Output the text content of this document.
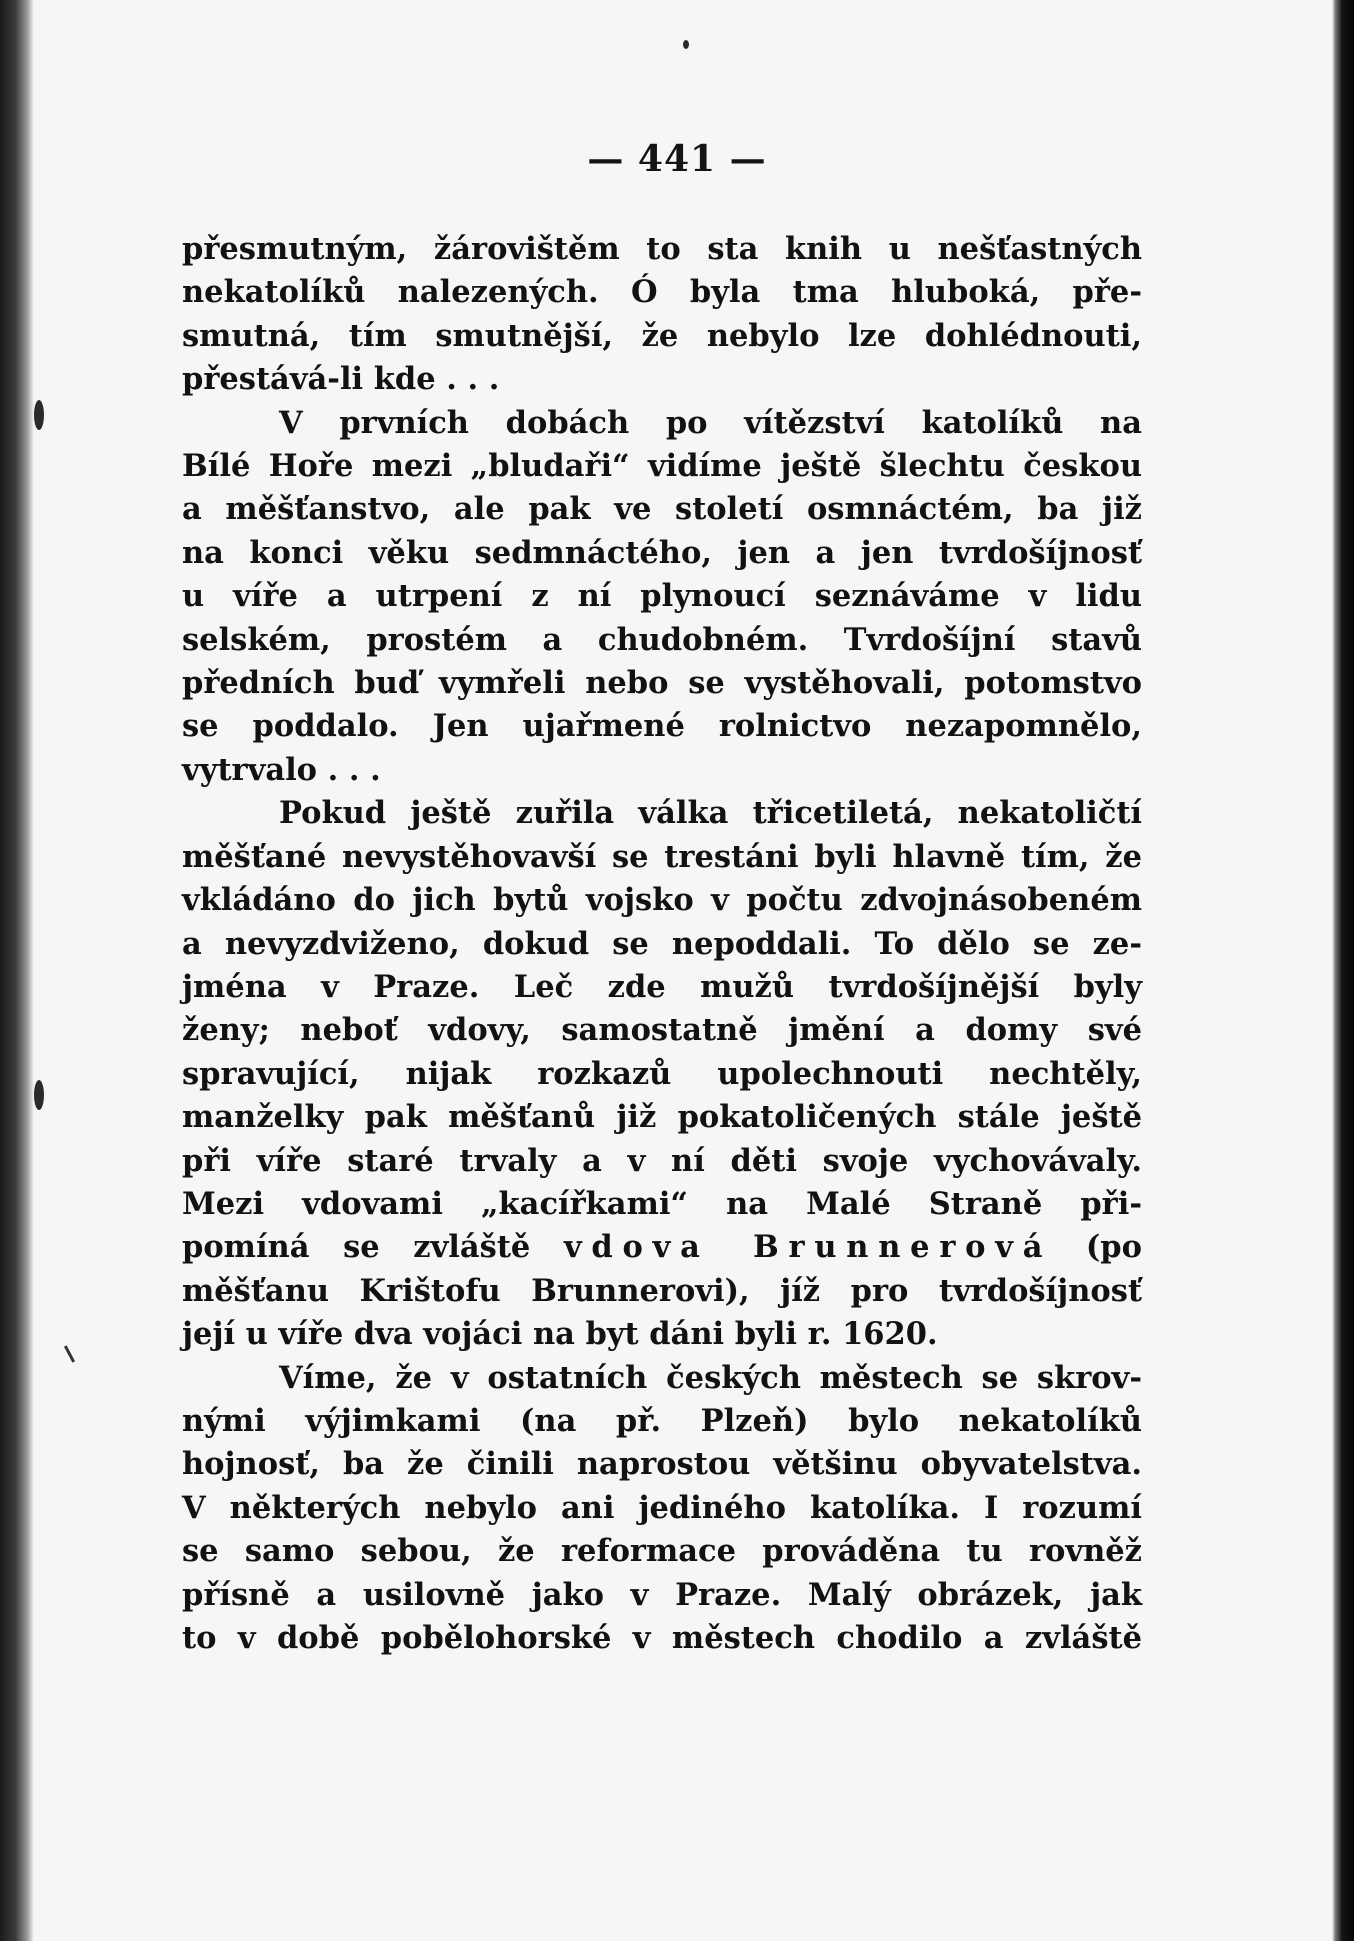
— 441 —

přesmutným, žárovištěm to sta knih u nešťastných
nekatolíků nalezených. Ó byla tma hluboká, pře-
smutná, tím smutnější, že nebylo lze dohlédnouti,
přestává-li kde . . .

V prvních dobách po vítězství katolíků na
Bílé Hoře mezi „bludaři“ vidíme ještě šlechtu českou
a měšťanstvo, ale pak ve století osmnáctém, ba již
na konci věku sedmnáctého, jen a jen tvrdošíjnosť
u víře a utrpení z ní plynoucí seznáváme v lidu
selském, prostém a chudobném. Tvrdošíjní stavů
předních buď vymřeli nebo se vystěhovali, potomstvo
se poddalo. Jen ujařmené rolnictvo nezapomnělo,
vytrvalo . . .

Pokud ještě zuřila válka třicetiletá, nekatoličtí
měšťané nevystěhovavší se trestáni byli hlavně tím, že
vkládáno do jich bytů vojsko v počtu zdvojnásobeném
a nevyzdviženo, dokud se nepoddali. To dělo se ze-
jména v Praze. Leč zde mužů tvrdošíjnější byly
ženy; neboť vdovy, samostatně jmění a domy své
spravující, nijak rozkazů upolechnouti nechtěly,
manželky pak měšťanů již pokatoličených stále ještě
při víře staré trvaly a v ní děti svoje vychovávaly.
Mezi vdovami „kacířkami“ na Malé Straně při-
pomíná se zvláště vdova Brunnerová (po
měšťanu Krištofu Brunnerovi), jíž pro tvrdošíjnosť
její u víře dva vojáci na byt dáni byli r. 1620.

Víme, že v ostatních českých městech se skrov-
nými výjimkami (na př. Plzeň) bylo nekatolíků
hojnosť, ba že činili naprostou většinu obyvatelstva.
V některých nebylo ani jediného katolíka. I rozumí
se samo sebou, že reformace prováděna tu rovněž
přísně a usilovně jako v Praze. Malý obrázek, jak
to v době pobělohorské v městech chodilo a zvláště
